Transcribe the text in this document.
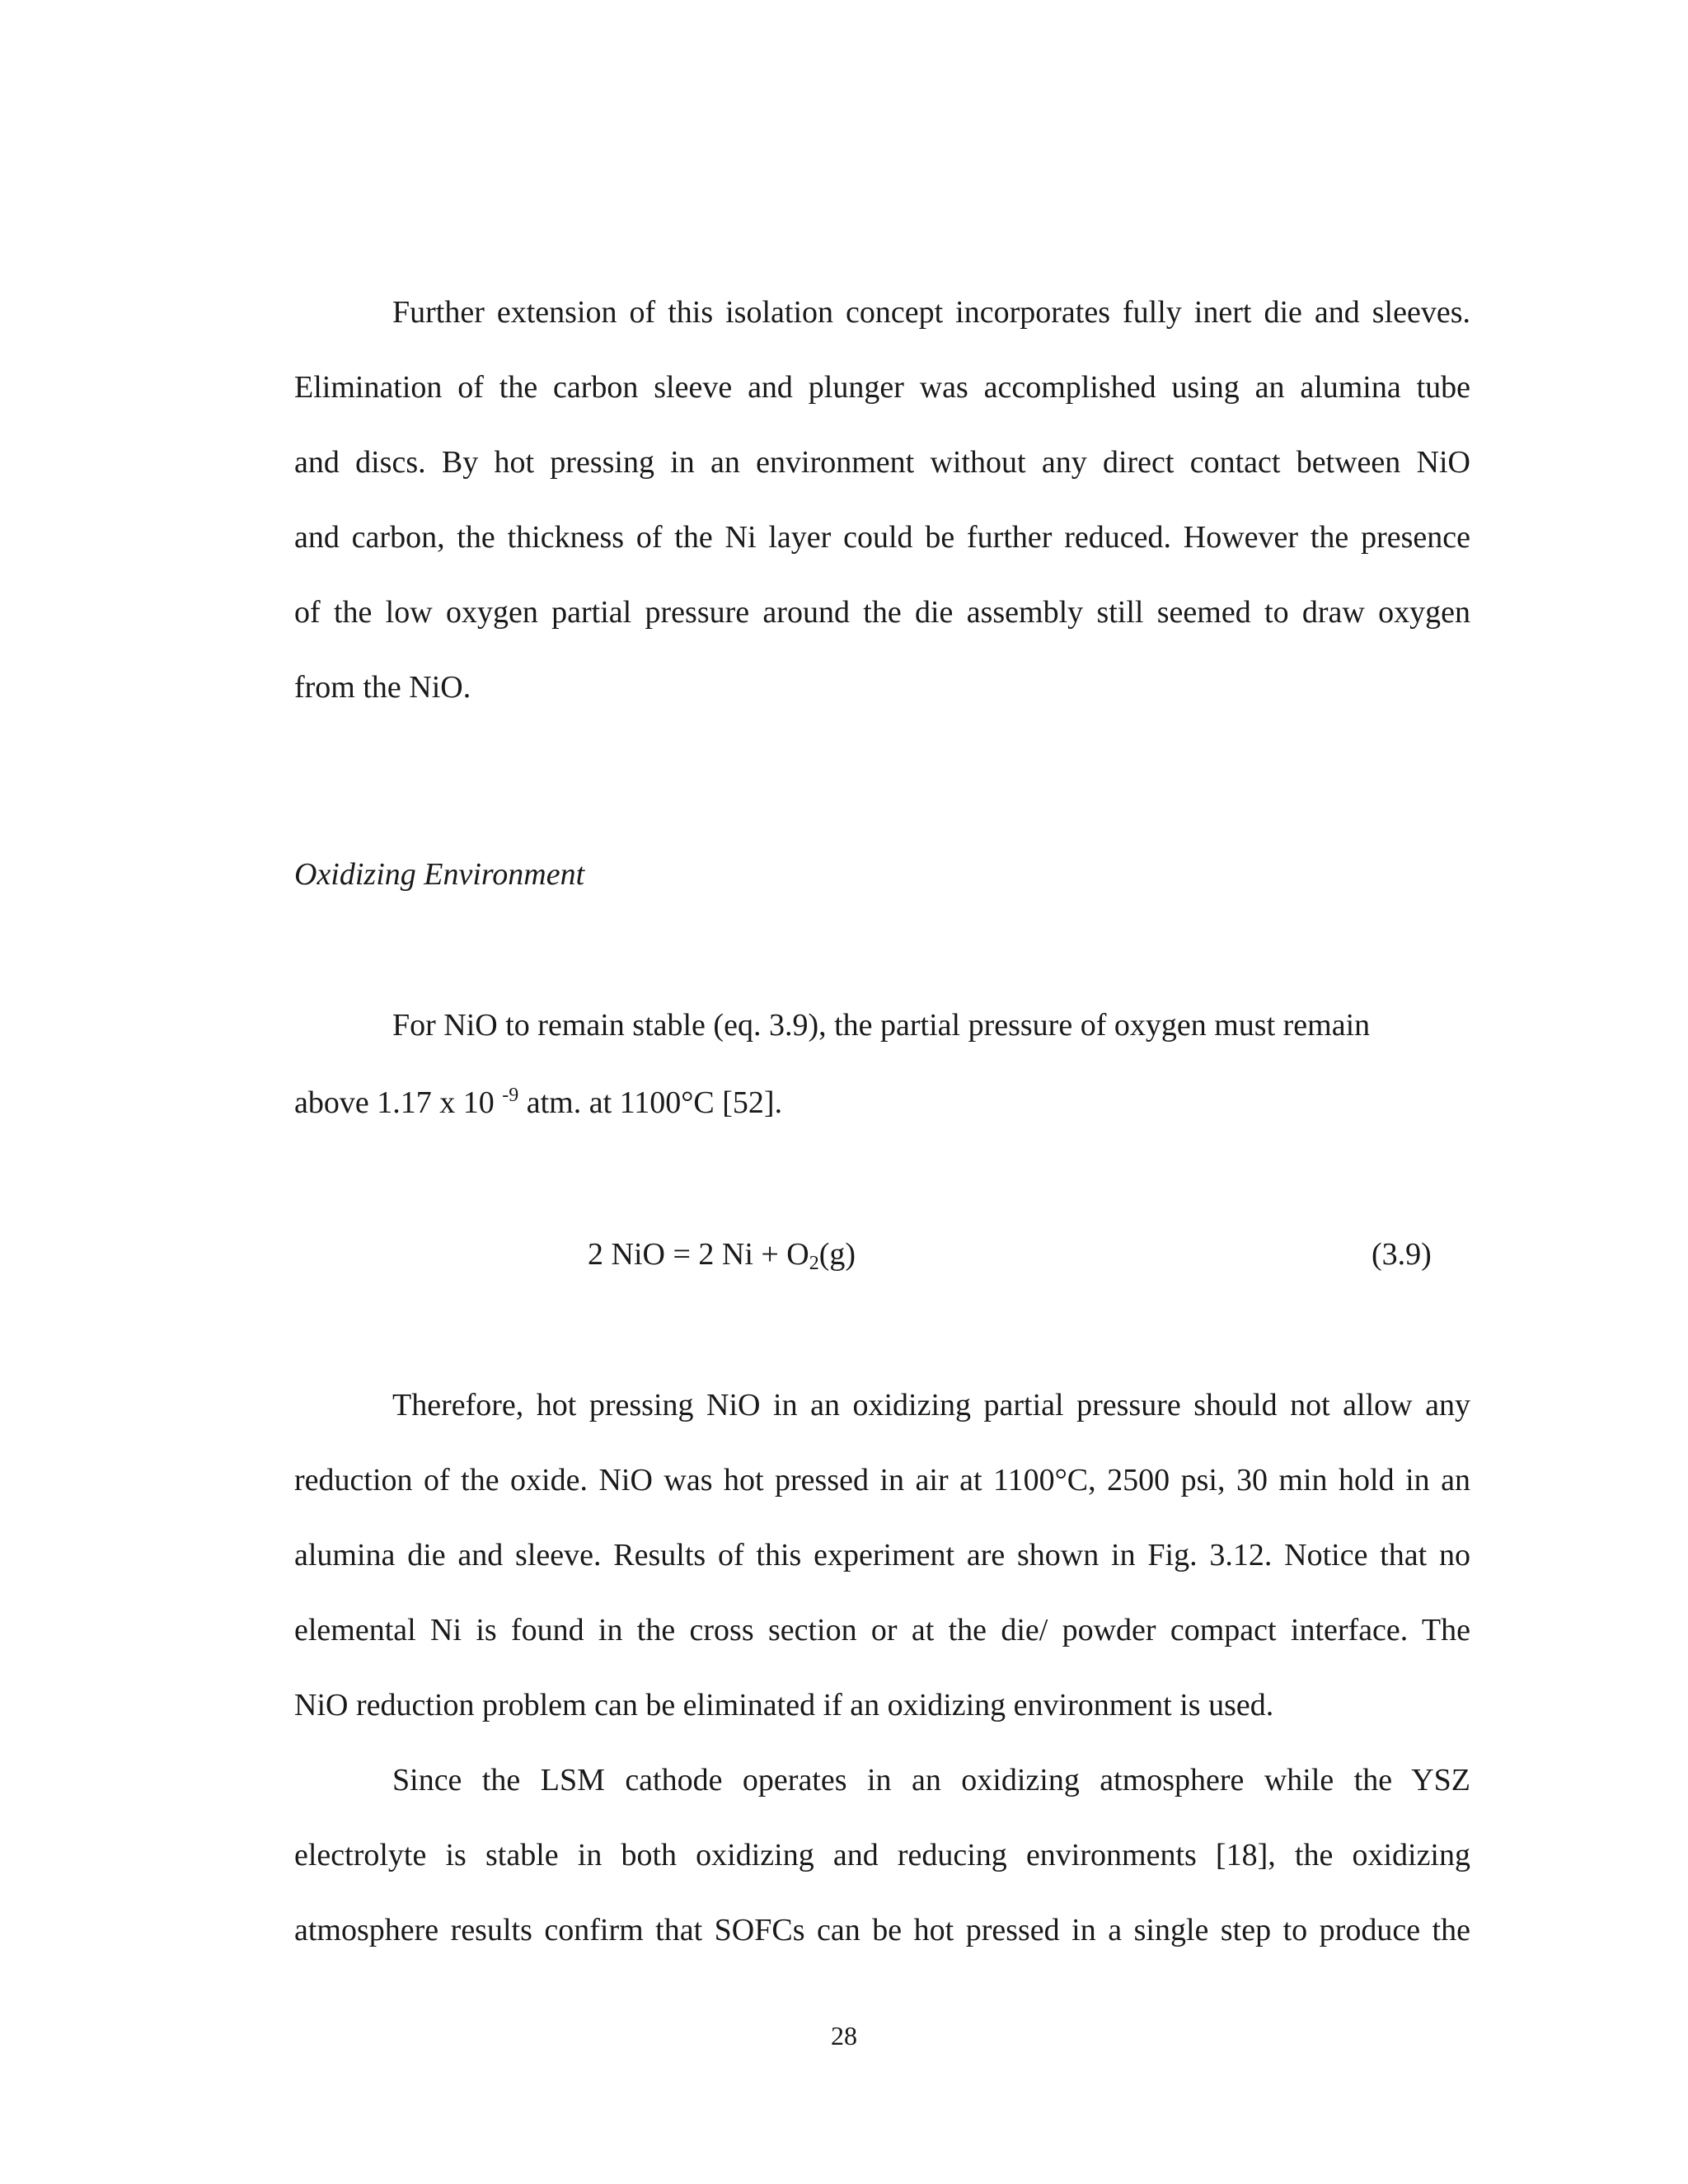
Further extension of this isolation concept incorporates fully inert die and sleeves.
Elimination of the carbon sleeve and plunger was accomplished using an alumina tube
and discs. By hot pressing in an environment without any direct contact between NiO
and carbon, the thickness of the Ni layer could be further reduced. However the presence
of the low oxygen partial pressure around the die assembly still seemed to draw oxygen
from the NiO.
Oxidizing Environment
For NiO to remain stable (eq. 3.9), the partial pressure of oxygen must remain
above 1.17 x 10 $^{-9}$ atm. at 1100°C [52].
2 NiO = 2 $Ni + O_2(g)$	(3.9)
Therefore, hot pressing NiO in an oxidizing partial pressure should not allow any
reduction of the oxide. NiO was hot pressed in air at 1100°C, 2500 psi, 30 min hold in an
alumina die and sleeve. Results of this experiment are shown in Fig. 3.12. Notice that no
elemental Ni is found in the cross section or at the die/ powder compact interface. The
NiO reduction problem can be eliminated if an oxidizing environment is used.
Since the LSM cathode operates in an oxidizing atmosphere while the YSZ
electrolyte is stable in both oxidizing and reducing environments [18], the oxidizing
atmosphere results confirm that SOFCs can be hot pressed in a single step to produce the
28
